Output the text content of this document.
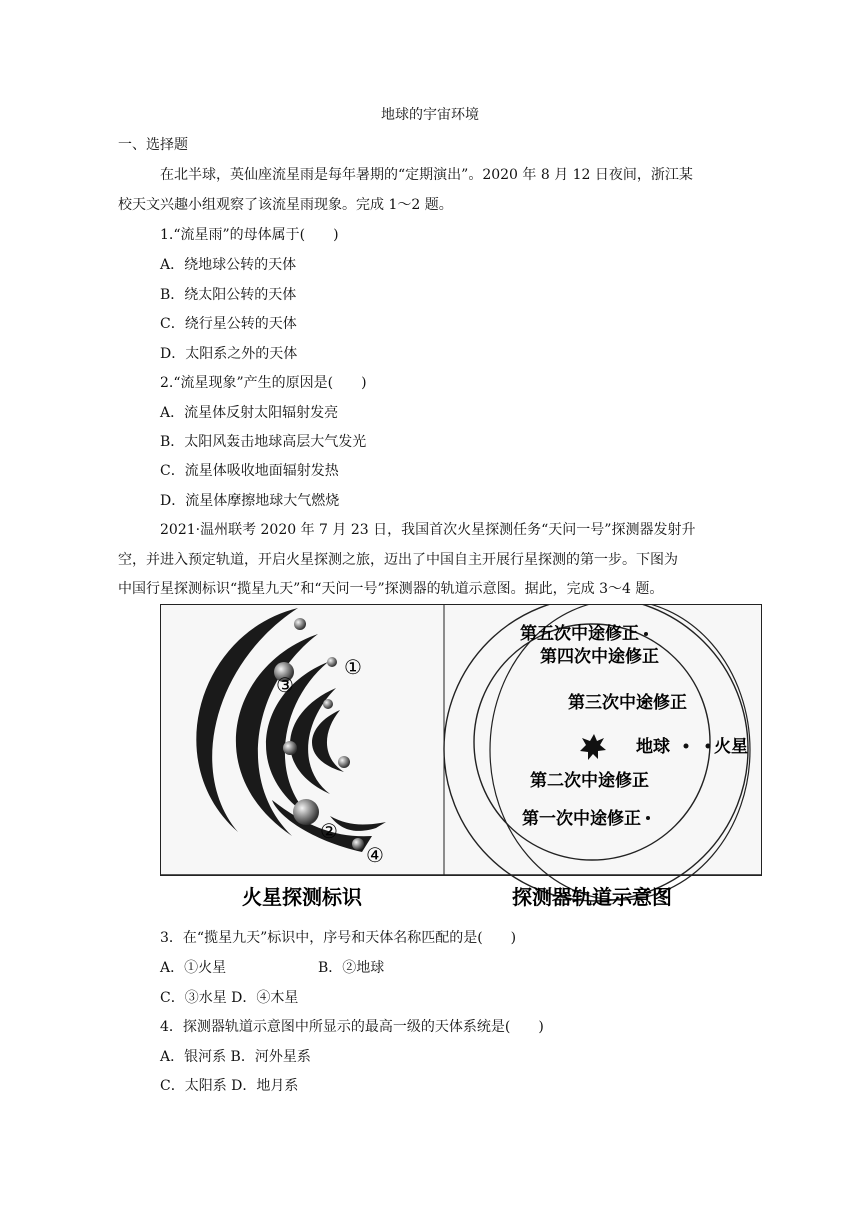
地球的宇宙环境
一、选择题
在北半球，英仙座流星雨是每年暑期的“定期演出”。2020 年 8 月 12 日夜间，浙江某
校天文兴趣小组观察了该流星雨现象。完成 1～2 题。
1.“流星雨”的母体属于(　　)
A．绕地球公转的天体
B．绕太阳公转的天体
C．绕行星公转的天体
D．太阳系之外的天体
2.“流星现象”产生的原因是(　　)
A．流星体反射太阳辐射发亮
B．太阳风轰击地球高层大气发光
C．流星体吸收地面辐射发热
D．流星体摩擦地球大气燃烧
2021·温州联考 2020 年 7 月 23 日，我国首次火星探测任务“天问一号”探测器发射升
空，并进入预定轨道，开启火星探测之旅，迈出了中国自主开展行星探测的第一步。下图为
中国行星探测标识“揽星九天”和“天问一号”探测器的轨道示意图。据此，完成 3～4 题。
①
③
②
④
第五次中途修正
第四次中途修正
第三次中途修正
地球	火星
第二次中途修正
第一次中途修正
火星探测标识	探测器轨道示意图
3．在“揽星九天”标识中，序号和天体名称匹配的是(　　)
A．①火星	B．②地球
C．③水星 D．④木星
4．探测器轨道示意图中所显示的最高一级的天体系统是(　　)
A．银河系 B．河外星系
C．太阳系 D．地月系
